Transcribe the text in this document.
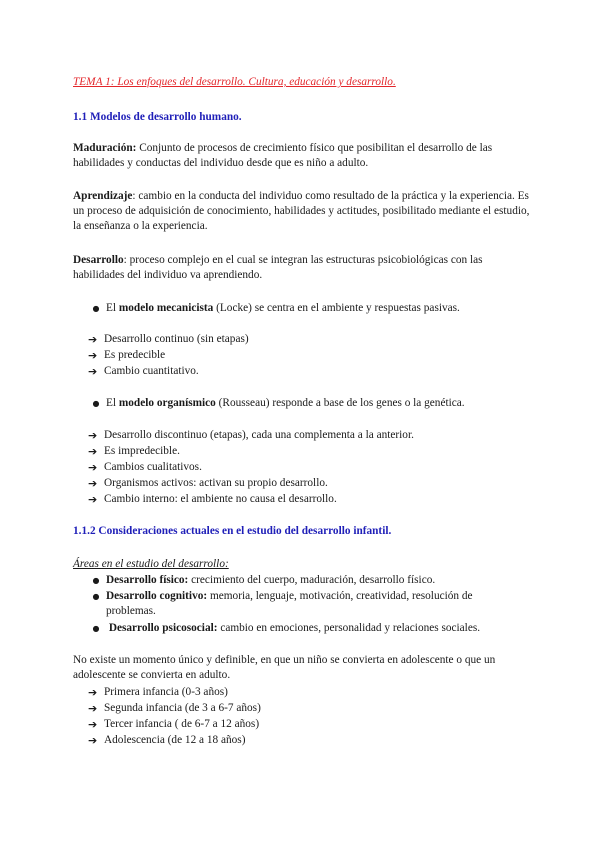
TEMA 1: Los enfoques del desarrollo. Cultura, educación y desarrollo.
1.1 Modelos de desarrollo humano.
Maduración: Conjunto de procesos de crecimiento físico que posibilitan el desarrollo de las habilidades y conductas del individuo desde que es niño a adulto.
Aprendizaje: cambio en la conducta del individuo como resultado de la práctica y la experiencia. Es un proceso de adquisición de conocimiento, habilidades y actitudes, posibilitado mediante el estudio, la enseñanza o la experiencia.
Desarrollo: proceso complejo en el cual se integran las estructuras psicobiológicas con las habilidades del individuo va aprendiendo.
● El modelo mecanicista (Locke) se centra en el ambiente y respuestas pasivas.
➔ Desarrollo continuo (sin etapas)
➔ Es predecible
➔ Cambio cuantitativo.
● El modelo organísmico (Rousseau) responde a base de los genes o la genética.
➔ Desarrollo discontinuo (etapas), cada una complementa a la anterior.
➔ Es impredecible.
➔ Cambios cualitativos.
➔ Organismos activos: activan su propio desarrollo.
➔ Cambio interno: el ambiente no causa el desarrollo.
1.1.2 Consideraciones actuales en el estudio del desarrollo infantil.
Áreas en el estudio del desarrollo:
● Desarrollo físico: crecimiento del cuerpo, maduración, desarrollo físico.
● Desarrollo cognitivo: memoria, lenguaje, motivación, creatividad, resolución de problemas.
● Desarrollo psicosocial: cambio en emociones, personalidad y relaciones sociales.
No existe un momento único y definible, en que un niño se convierta en adolescente o que un adolescente se convierta en adulto.
➔ Primera infancia (0-3 años)
➔ Segunda infancia (de 3 a 6-7 años)
➔ Tercer infancia ( de 6-7 a 12 años)
➔ Adolescencia (de 12 a 18 años)
